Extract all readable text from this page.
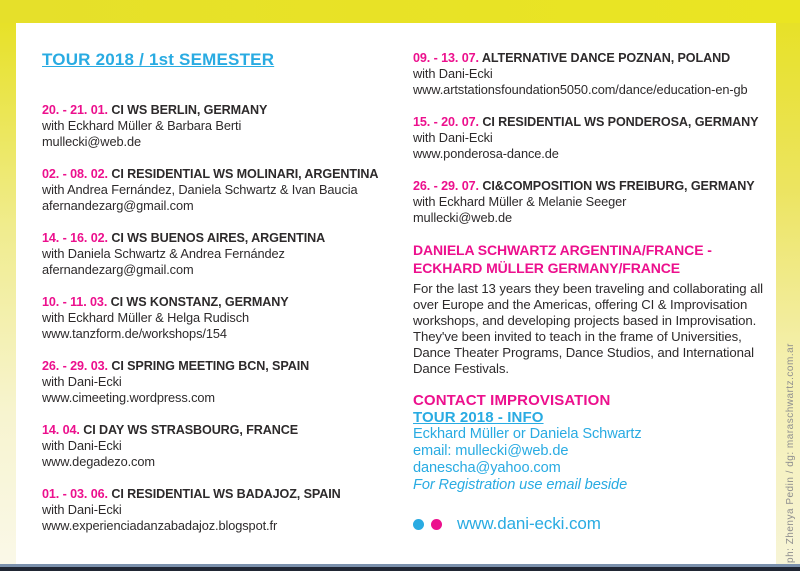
TOUR 2018 / 1st SEMESTER
20. - 21. 01. CI WS BERLIN, GERMANY
with Eckhard Müller & Barbara Berti
mullecki@web.de
02. - 08. 02. CI RESIDENTIAL WS MOLINARI, ARGENTINA
with Andrea Fernández, Daniela Schwartz & Ivan Baucia
afernandezarg@gmail.com
14. - 16. 02. CI WS BUENOS AIRES, ARGENTINA
with Daniela Schwartz & Andrea Fernández
afernandezarg@gmail.com
10. - 11. 03. CI WS KONSTANZ, GERMANY
with Eckhard Müller & Helga Rudisch
www.tanzform.de/workshops/154
26. - 29. 03. CI SPRING MEETING BCN, SPAIN
with Dani-Ecki
www.cimeeting.wordpress.com
14. 04. CI DAY WS STRASBOURG, FRANCE
with Dani-Ecki
www.degadezo.com
01. - 03. 06. CI RESIDENTIAL WS BADAJOZ, SPAIN
with Dani-Ecki
www.experienciadanzabadajoz.blogspot.fr
09. - 13. 07. ALTERNATIVE DANCE POZNAN, POLAND
with Dani-Ecki
www.artstationsfoundation5050.com/dance/education-en-gb
15. - 20. 07. CI RESIDENTIAL WS PONDEROSA, GERMANY
with Dani-Ecki
www.ponderosa-dance.de
26. - 29. 07. CI&COMPOSITION WS FREIBURG, GERMANY
with Eckhard Müller & Melanie Seeger
mullecki@web.de
DANIELA SCHWARTZ ARGENTINA/FRANCE -
ECKHARD MÜLLER GERMANY/FRANCE
For the last 13 years they been traveling and collaborating all over Europe and the Americas, offering CI & Improvisation workshops, and developing projects based in Improvisation. They've been invited to teach in the frame of Universities, Dance Theater Programs, Dance Studios, and International Dance Festivals.
CONTACT IMPROVISATION
TOUR 2018 - INFO
Eckhard Müller or Daniela Schwartz
email: mullecki@web.de
danescha@yahoo.com
For Registration use email beside
www.dani-ecki.com	ph: Zhenya Pedin / dg: maraschwartz.com.ar
